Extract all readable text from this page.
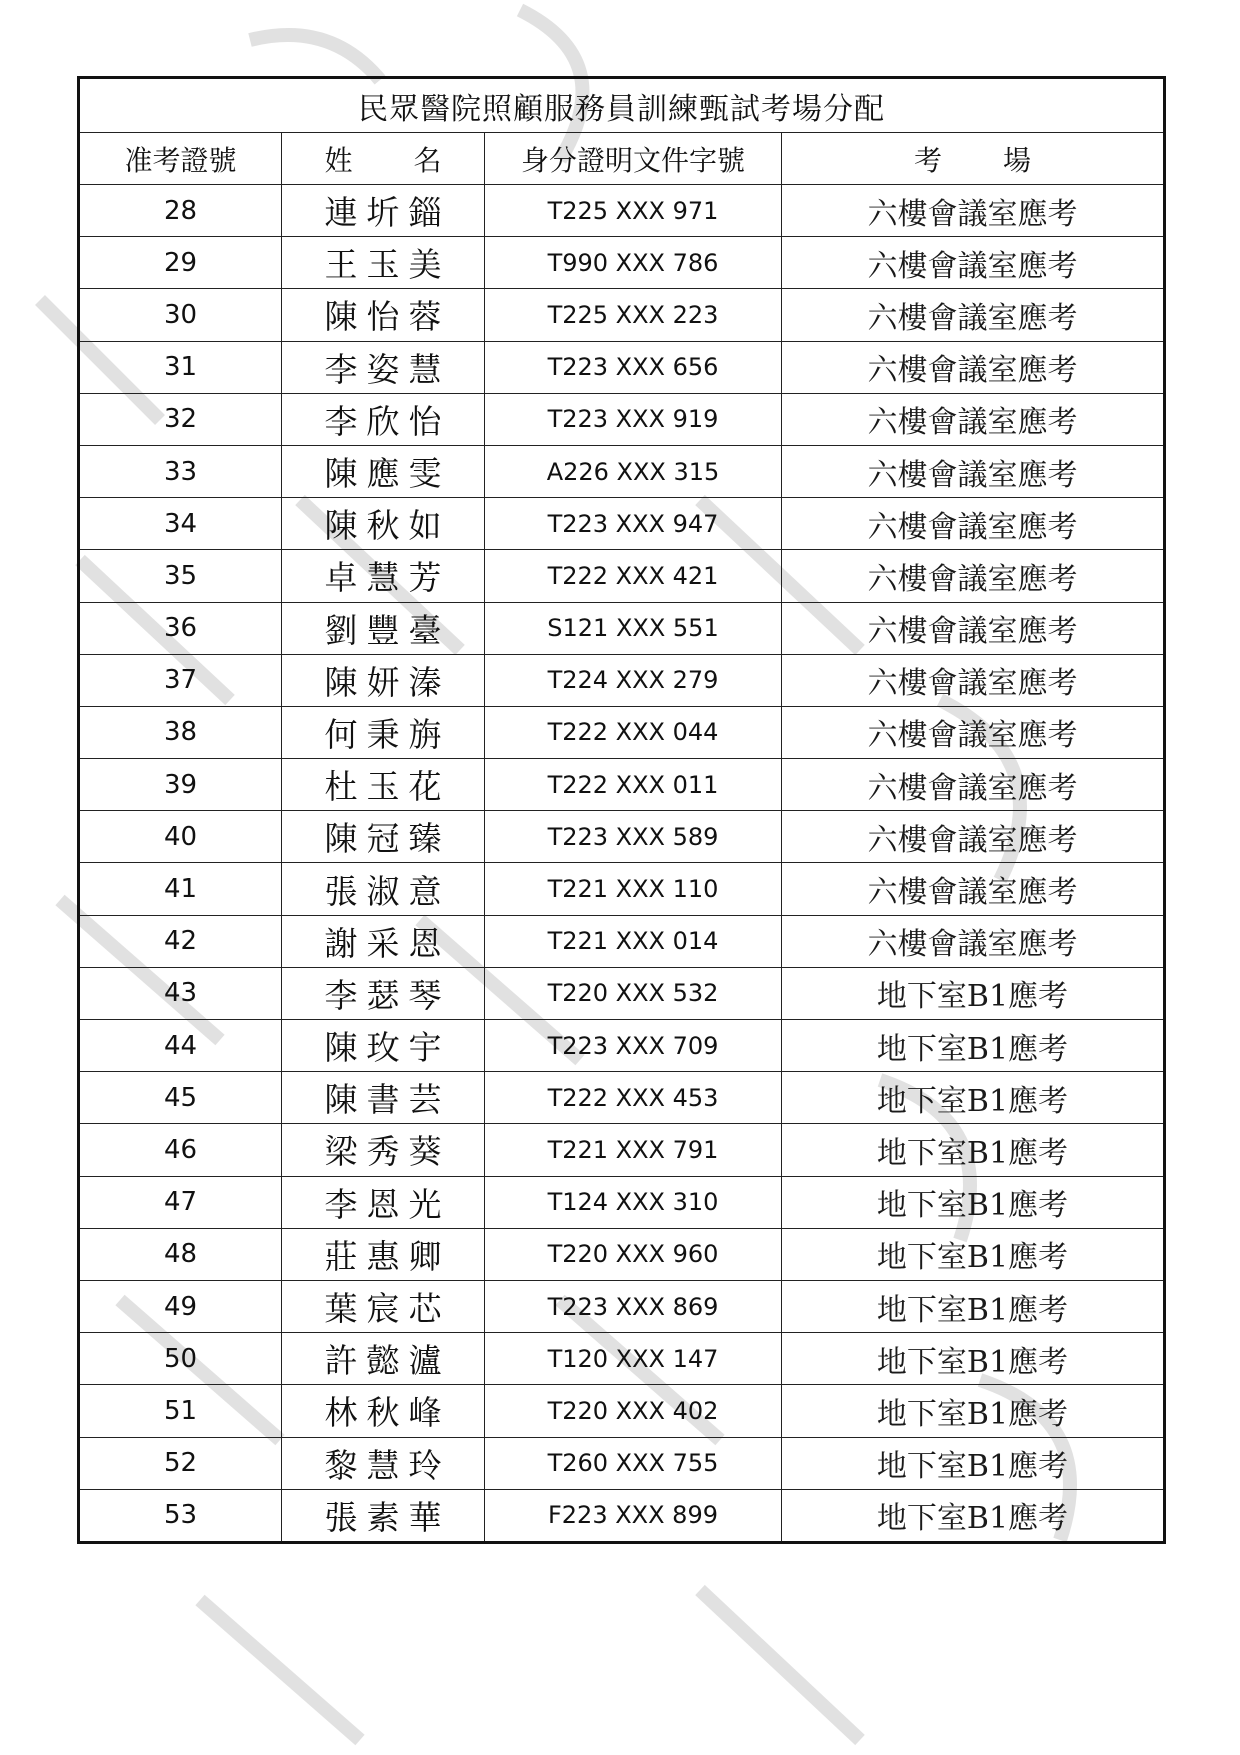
民眾醫院照顧服務員訓練甄試考場分配			
准考證號	姓 名	身分證明文件字號	考 場
28	連圻錙	T225 XXX 971	六樓會議室應考
29	王玉美	T990 XXX 786	六樓會議室應考
30	陳怡蓉	T225 XXX 223	六樓會議室應考
31	李姿慧	T223 XXX 656	六樓會議室應考
32	李欣怡	T223 XXX 919	六樓會議室應考
33	陳應雯	A226 XXX 315	六樓會議室應考
34	陳秋如	T223 XXX 947	六樓會議室應考
35	卓慧芳	T222 XXX 421	六樓會議室應考
36	劉豐臺	S121 XXX 551	六樓會議室應考
37	陳妍溱	T224 XXX 279	六樓會議室應考
38	何秉旃	T222 XXX 044	六樓會議室應考
39	杜玉花	T222 XXX 011	六樓會議室應考
40	陳冠臻	T223 XXX 589	六樓會議室應考
41	張淑意	T221 XXX 110	六樓會議室應考
42	謝采恩	T221 XXX 014	六樓會議室應考
43	李瑟琴	T220 XXX 532	地下室B1應考
44	陳玫宇	T223 XXX 709	地下室B1應考
45	陳書芸	T222 XXX 453	地下室B1應考
46	梁秀葵	T221 XXX 791	地下室B1應考
47	李恩光	T124 XXX 310	地下室B1應考
48	莊惠卿	T220 XXX 960	地下室B1應考
49	葉宸芯	T223 XXX 869	地下室B1應考
50	許懿瀘	T120 XXX 147	地下室B1應考
51	林秋峰	T220 XXX 402	地下室B1應考
52	黎慧玲	T260 XXX 755	地下室B1應考
53	張素華	F223 XXX 899	地下室B1應考
